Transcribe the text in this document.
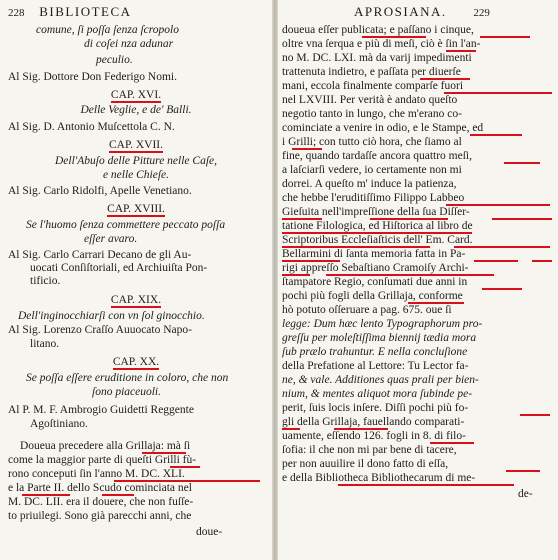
228 BIBLIOTECA
comune, ſi poſſa ſenza ſcropolo
di coſei nza adunar
peculio.
Al Sig. Dottore Don Federigo Nomi.
CAP. XVI.
Delle Veglie, e de' Balli.
Al Sig. D. Antonio Muſcettola C. N.
CAP. XVII.
Dell'Abuſo delle Pitture nelle Caſe,
e nelle Chieſe.
Al Sig. Carlo Ridolfi, Apelle Venetiano.
CAP. XVIII.
Se l'huomo ſenza commettere peccato poſſa
eſſer avaro.
Al Sig. Carlo Carrari Decano de gli Au-
uocati Conſiſtoriali, ed Archiuiſta Pon-
tificio.
CAP. XIX.
Dell'inginocchiarſi con vn ſol ginocchio.
Al Sig. Lorenzo Craſſo Auuocato Napo-
litano.
CAP. XX.
Se poſſa eſſere eruditione in coloro, che non
ſono piaceuoli.
Al P. M. F. Ambrogio Guidetti Reggente
Agoſtiniano.
Doueua precedere alla Grillaja: mà ſi
come la maggior parte di queſti Grilli fù-
rono conceputi ſin l'anno M. DC. XLI.
e la Parte II. dello Scudo cominciata nel
M. DC. LII. era il douere, che non fuſſe-
to priuilegi. Sono già parecchi anni, che
doue-
APROSIANA. 229
doueua eſſer publicata; e paſſano i cinque,
oltre vna ſerqua e più di meſi, ciò è ſin l'an-
no M. DC. LXI. mà da varij impedimenti
trattenuta indietro, e paſſata per diuerſe
mani, eccola finalmente comparſe fuori
nel LXVIII. Per verità è andato queſto
negotio tanto in lungo, che m'erano co-
cominciate a venire in odio, e le Stampe, ed
i Grilli; con tutto ciò hora, che ſiamo al
fine, quando tardaſſe ancora quattro meſi,
a laſciarſi vedere, io certamente non mi
dorrei. A queſto m' induce la patienza,
che hebbe l'eruditiſſimo Filippo Labbeo
Gieſuita nell'impreſſione della ſua Diſſer-
tatione Filologica, ed Hiſtorica al libro de
Scriptoribus Eccleſiaſticis dell' Em. Card.
Bellarmini di ſanta memoria fatta in Pa-
rigi appreſſo Sebaſtiano Cramoiſy Archi-
ſtampatore Regio, conſumati due anni in
pochi più fogli della Grillaja, conforme
hò potuto oſſeruare a pag. 675. oue ſi
legge: Dum hæc lento Typographorum pro-
greſſu per moleſtiſſima biennij tædia mora
ſub prælo trahuntur. E nella concluſione
della Prefatione al Lettore: Tu Lector fa-
ne, & vale. Additiones quas prali per bien-
nium, & mentes aliquot mora ſubinde pe-
perit, ſuis locis inſere. Diſſi pochi più fo-
gli della Grillaja, fauellando comparati-
uamente, eſſendo 126. fogli in 8. di filo-
ſofia: il che non mi par bene di tacere,
per non auuilire il dono fatto di eſſa,
e della Bibliotheca Bibliothecarum di me-
de-
